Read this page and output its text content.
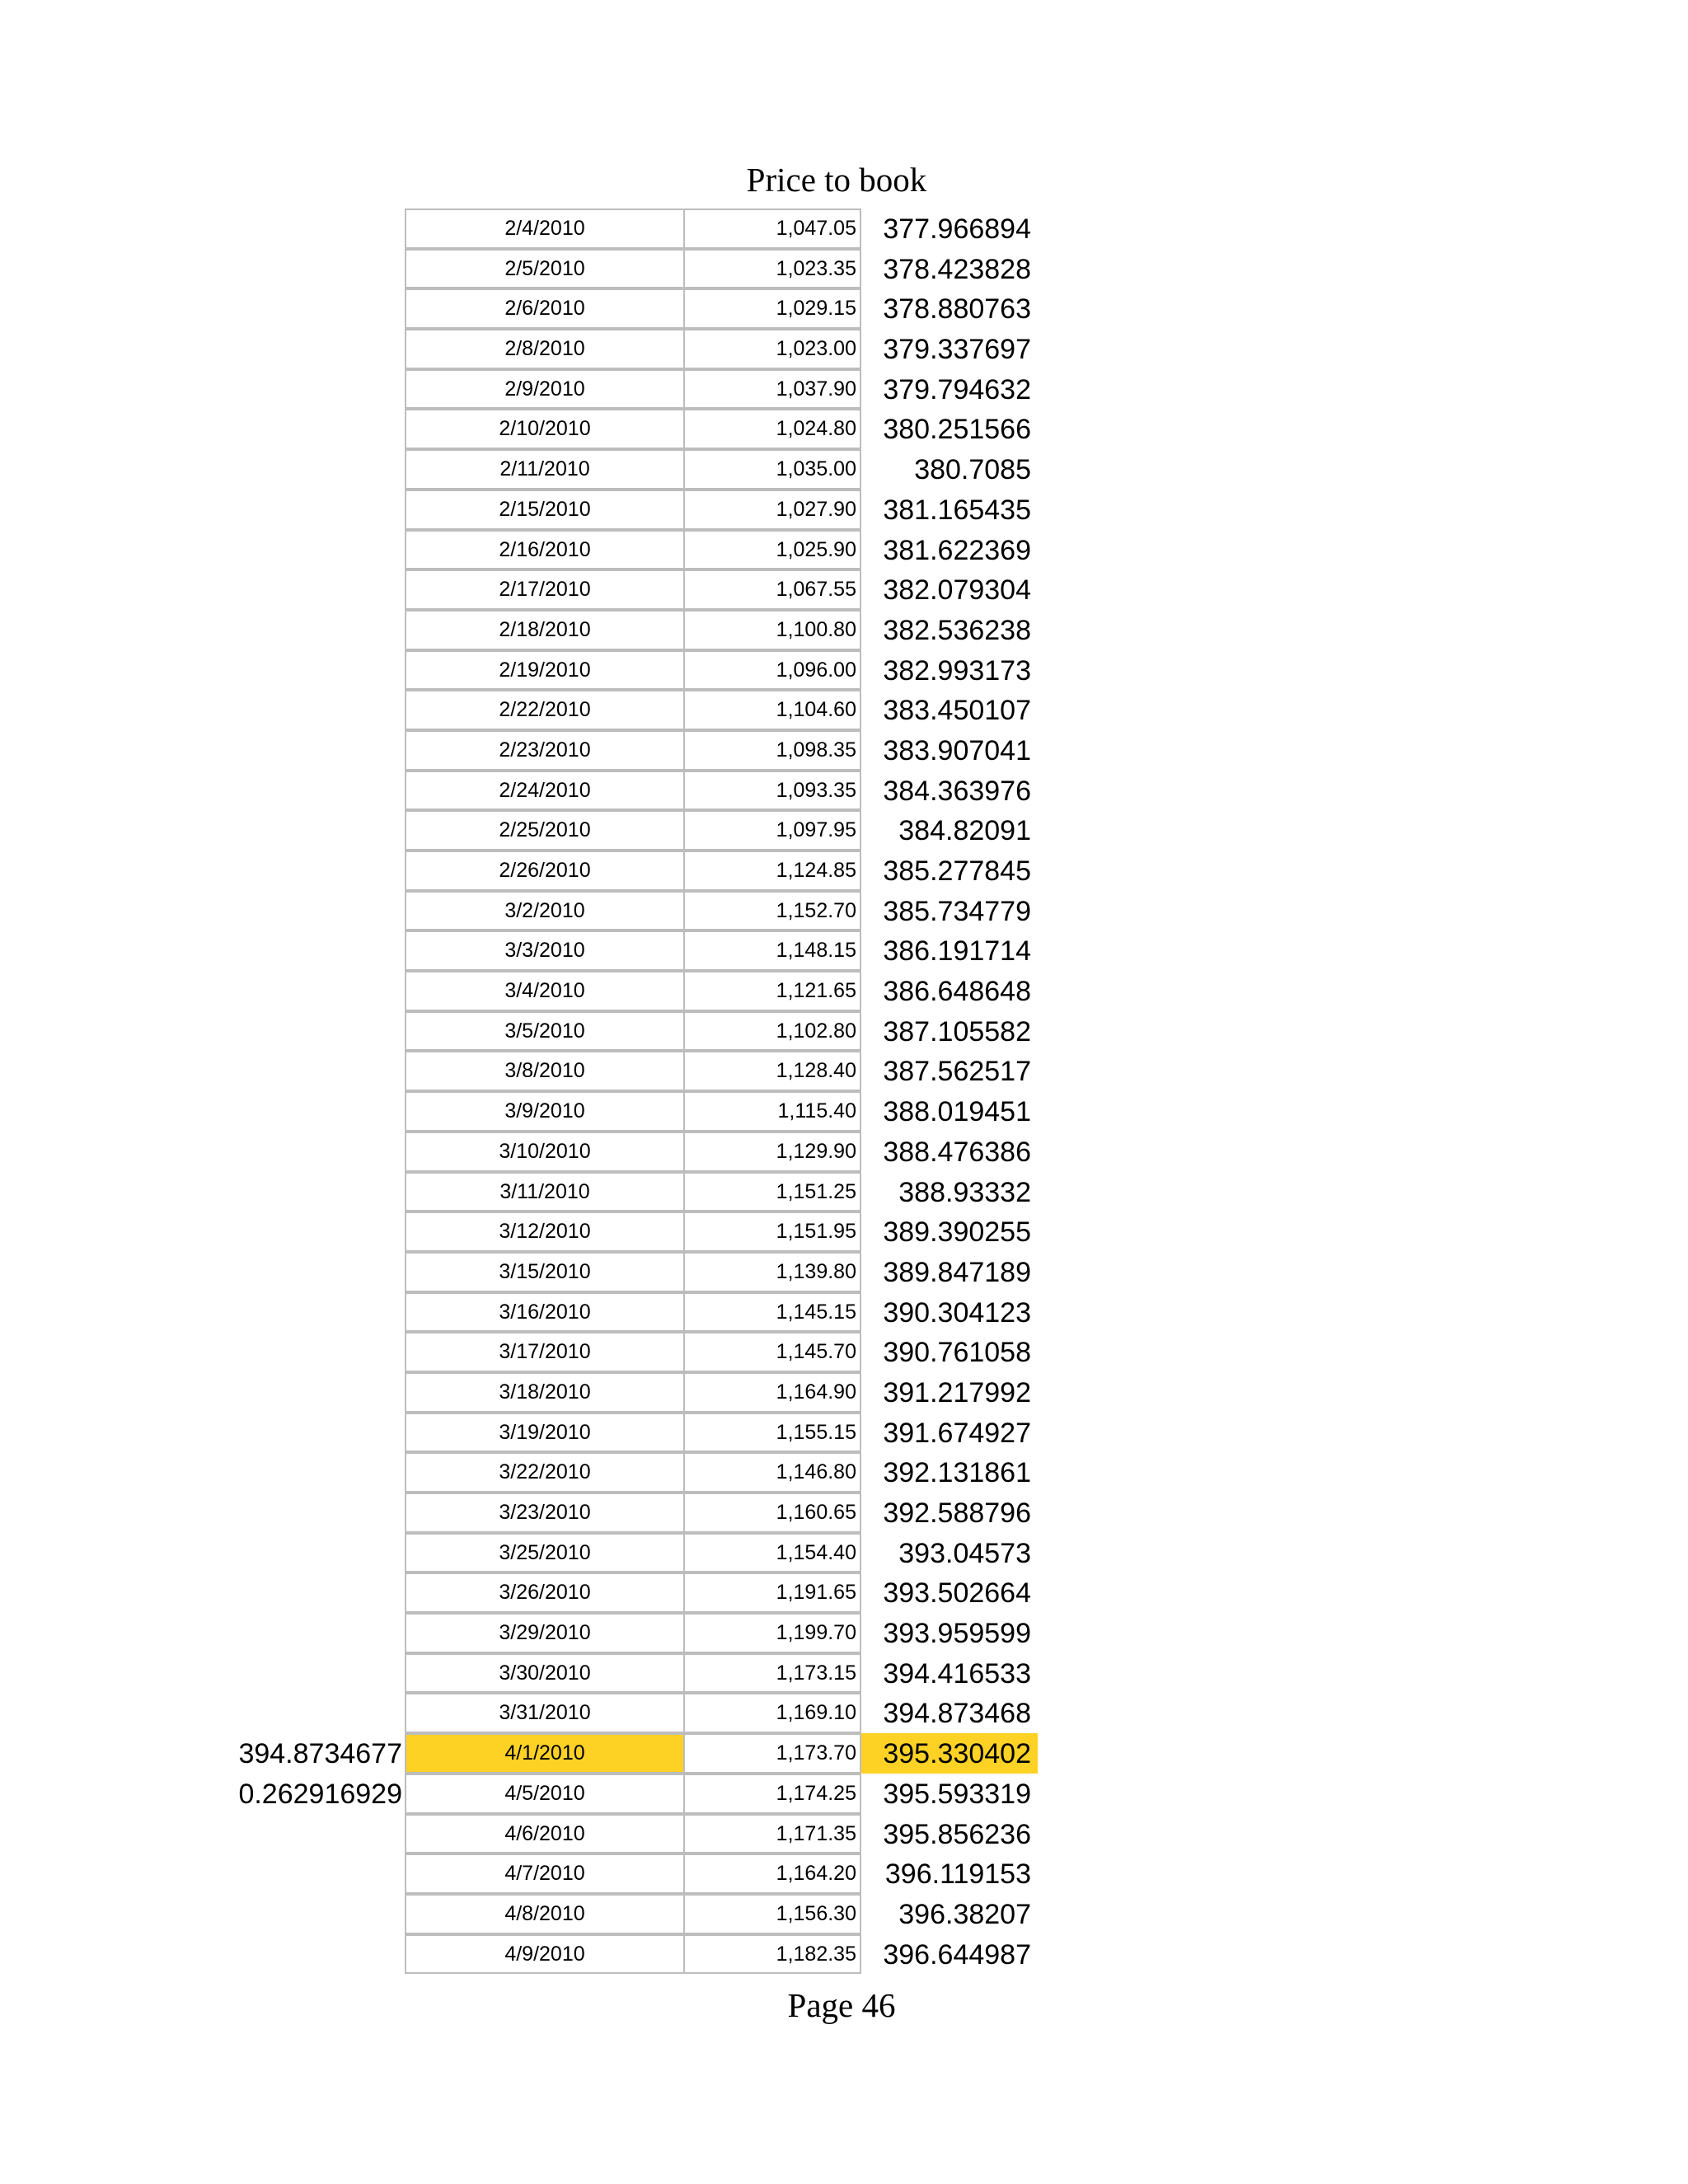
Price to book
2/4/2010	1,047.05 377.966894
2/5/2010	1,023.35 378.423828
2/6/2010	1,029.15 378.880763
2/8/2010	1,023.00 379.337697
2/9/2010	1,037.90 379.794632
2/10/2010	1,024.80 380.251566
2/11/2010	1,035.00	380.7085
2/15/2010	1,027.90 381.165435
2/16/2010	1,025.90 381.622369
2/17/2010	1,067.55 382.079304
2/18/2010	1,100.80 382.536238
2/19/2010	1,096.00 382.993173
2/22/2010	1,104.60 383.450107
2/23/2010	1,098.35 383.907041
2/24/2010	1,093.35 384.363976
2/25/2010	1,097.95	384.82091
2/26/2010	1,124.85 385.277845
3/2/2010	1,152.70 385.734779
3/3/2010	1,148.15 386.191714
3/4/2010	1,121.65 386.648648
3/5/2010	1,102.80 387.105582
3/8/2010	1,128.40 387.562517
3/9/2010	1,115.40 388.019451
3/10/2010	1,129.90 388.476386
3/11/2010	1,151.25	388.93332
3/12/2010	1,151.95 389.390255
3/15/2010	1,139.80 389.847189
3/16/2010	1,145.15 390.304123
3/17/2010	1,145.70 390.761058
3/18/2010	1,164.90 391.217992
3/19/2010	1,155.15 391.674927
3/22/2010	1,146.80 392.131861
3/23/2010	1,160.65 392.588796
3/25/2010	1,154.40	393.04573
3/26/2010	1,191.65 393.502664
3/29/2010	1,199.70 393.959599
3/30/2010	1,173.15 394.416533
3/31/2010	1,169.10 394.873468
394.8734677	4/1/2010	1,173.70 395.330402
0.262916929	4/5/2010	1,174.25 395.593319
4/6/2010	1,171.35 395.856236
4/7/2010	1,164.20	396.119153
4/8/2010	1,156.30	396.38207
4/9/2010	1,182.35 396.644987
Page 46
